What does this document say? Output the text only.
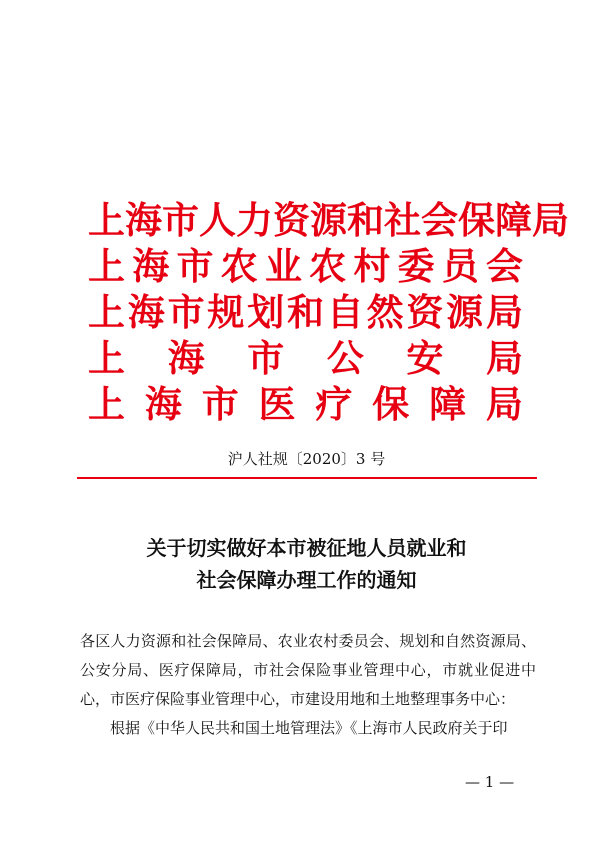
上 海 市 人 力 资 源 和 社 会 保 障 局
上 海 市 农 业 农 村 委 员 会
上 海 市 规 划 和 自 然 资 源 局
上 海 市 公 安 局
上 海 市 医 疗 保 障 局
沪人社规〔2020〕3 号
关于切实做好本市被征地人员就业和
社会保障办理工作的通知

各区人力资源和社会保障局、农业农村委员会、规划和自然资源局、公安分局、医疗保障局，市社会保险事业管理中心，市就业促进中心，市医疗保险事业管理中心，市建设用地和土地整理事务中心：

根据《中华人民共和国土地管理法》《上海市人民政府关于印

— 1 —
